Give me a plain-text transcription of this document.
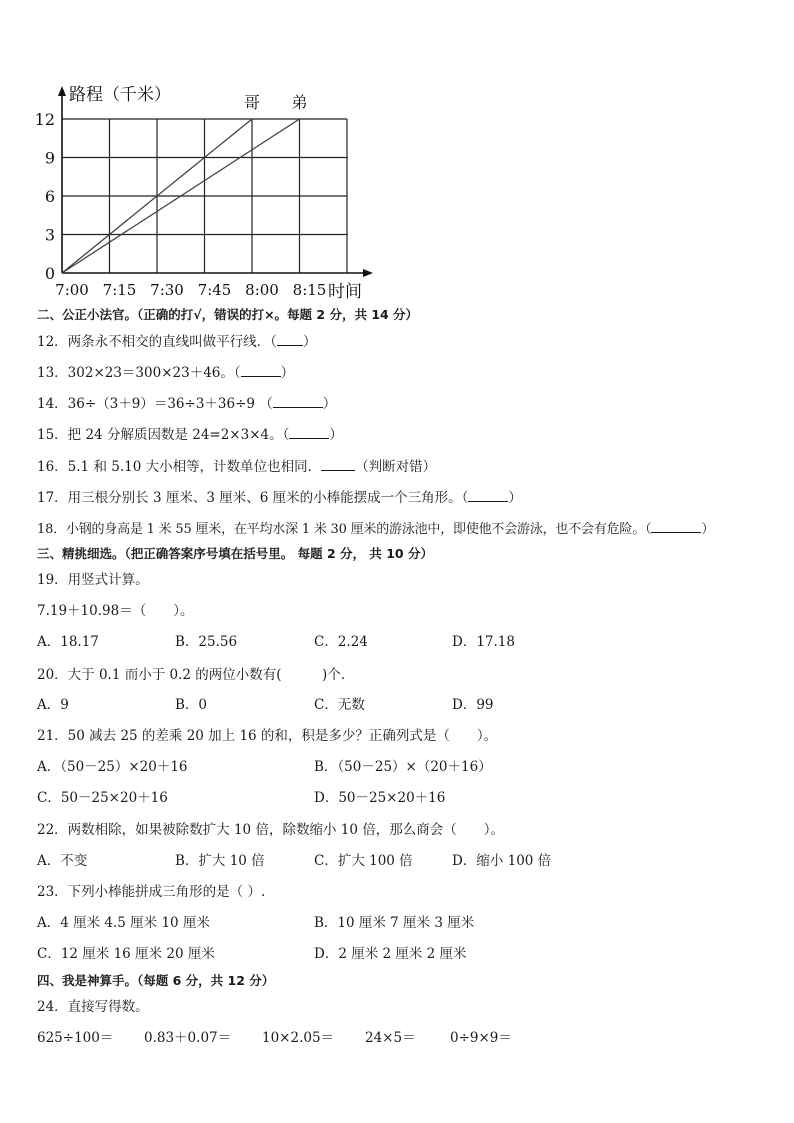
0
3
6
9
12
7:00 7:15 7:30 7:45 8:00 8:15
路程（千米）
时间
哥 弟
二、公正小法官。（正确的打√，错误的打×。每题 2 分，共 14 分）
12．两条永不相交的直线叫做平行线．（ ）
13．302×23＝300×23＋46。（	）
14．36÷（3＋9）＝36÷3＋36÷9 （	）
15．把 24 分解质因数是 24=2×3×4。（	）
16．5.1 和 5.10 大小相等，计数单位也相同．	（判断对错）
17．用三根分别长 3 厘米、3 厘米、6 厘米的小棒能摆成一个三角形。（	）
18．小钢的身高是 1 米 55 厘米，在平均水深 1 米 30 厘米的游泳池中，即使他不会游泳，也不会有危险。（	）
三、精挑细选。（把正确答案序号填在括号里。 每题 2 分， 共 10 分）
19．用竖式计算。
7.19＋10.98＝（　　）。
A．18.17	B．25.56	C．2.24	D．17.18
20．大于 0.1 而小于 0.2 的两位小数有(　　　)个.
A．9	B．0	C．无数	D．99
21．50 减去 25 的差乘 20 加上 16 的和，积是多少？正确列式是（　　）。
A．（50－25）×20＋16	B．（50－25）×（20＋16）
C．50－25×20＋16	D．50－25×20＋16
22．两数相除，如果被除数扩大 10 倍，除数缩小 10 倍，那么商会（　　）。
A．不变	B．扩大 10 倍	C．扩大 100 倍	D．缩小 100 倍
23．下列小棒能拼成三角形的是（ ）.
A．4 厘米 4.5 厘米 10 厘米	B．10 厘米 7 厘米 3 厘米
C．12 厘米 16 厘米 20 厘米	D．2 厘米 2 厘米 2 厘米
四、我是神算手。（每题 6 分，共 12 分）
24．直接写得数。
625÷100＝ 0.83＋0.07＝ 10×2.05＝ 24×5＝	0÷9×9＝
